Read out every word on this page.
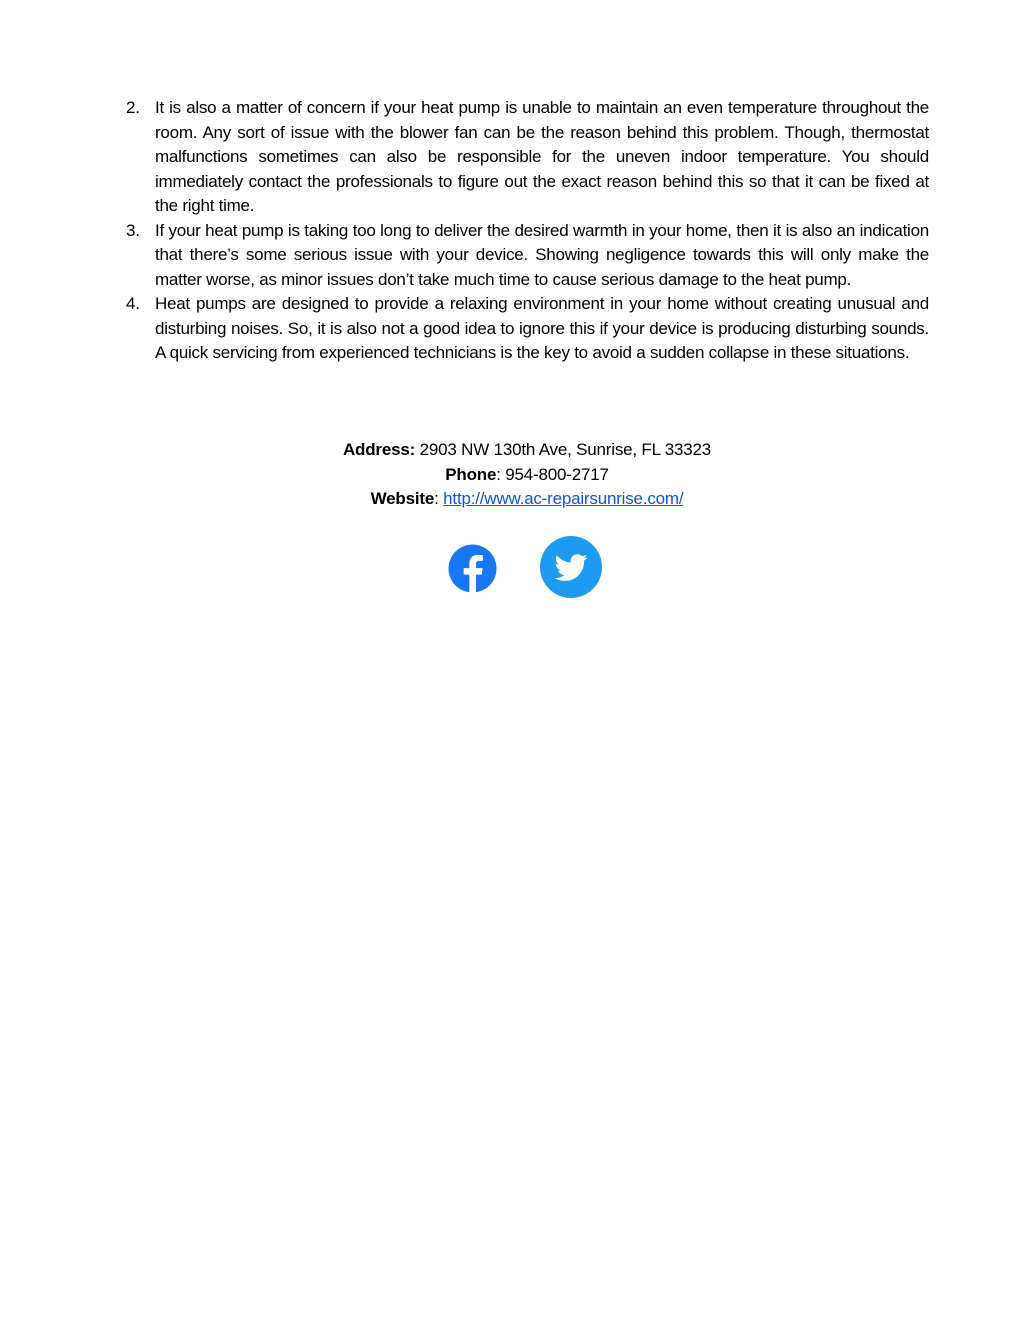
2. It is also a matter of concern if your heat pump is unable to maintain an even temperature throughout the room. Any sort of issue with the blower fan can be the reason behind this problem. Though, thermostat malfunctions sometimes can also be responsible for the uneven indoor temperature. You should immediately contact the professionals to figure out the exact reason behind this so that it can be fixed at the right time.
3. If your heat pump is taking too long to deliver the desired warmth in your home, then it is also an indication that there’s some serious issue with your device. Showing negligence towards this will only make the matter worse, as minor issues don’t take much time to cause serious damage to the heat pump.
4. Heat pumps are designed to provide a relaxing environment in your home without creating unusual and disturbing noises. So, it is also not a good idea to ignore this if your device is producing disturbing sounds. A quick servicing from experienced technicians is the key to avoid a sudden collapse in these situations.
Address: 2903 NW 130th Ave, Sunrise, FL 33323
Phone: 954-800-2717
Website: http://www.ac-repairsunrise.com/
